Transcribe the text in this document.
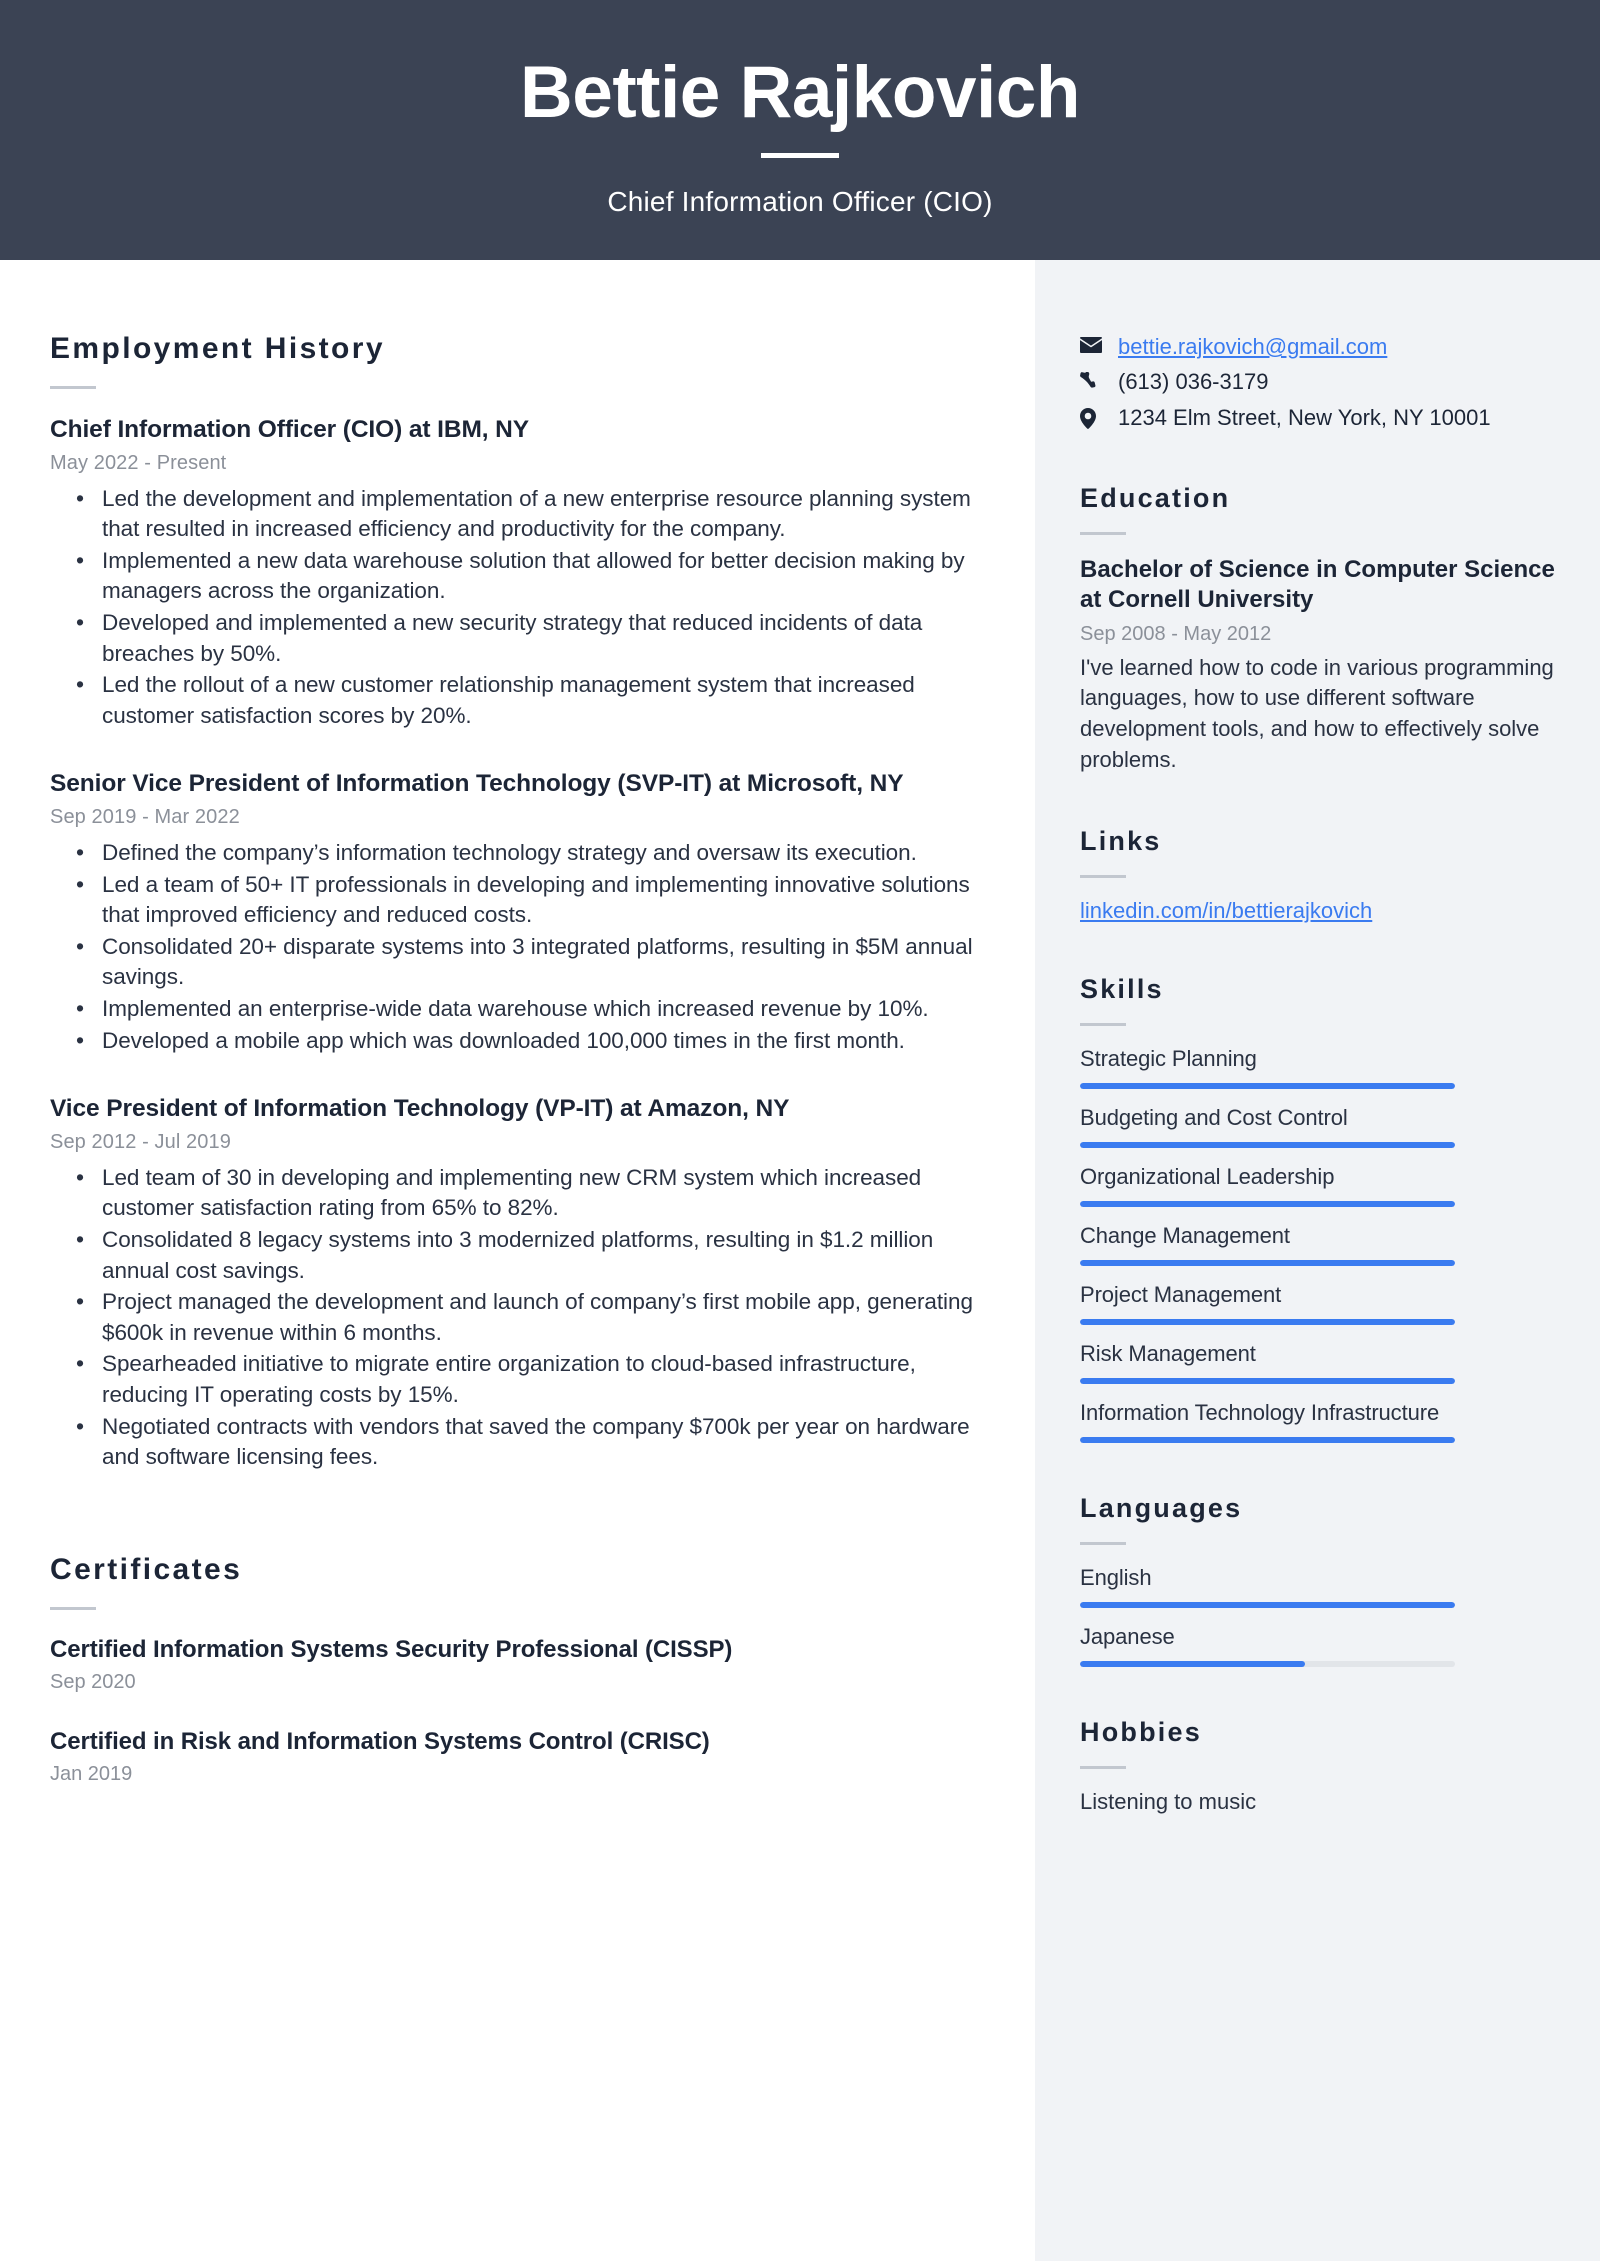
Bettie Rajkovich
Chief Information Officer (CIO)
Employment History
Chief Information Officer (CIO) at IBM, NY
May 2022 - Present
• Led the development and implementation of a new enterprise resource planning system that resulted in increased efficiency and productivity for the company.
• Implemented a new data warehouse solution that allowed for better decision making by managers across the organization.
• Developed and implemented a new security strategy that reduced incidents of data breaches by 50%.
• Led the rollout of a new customer relationship management system that increased customer satisfaction scores by 20%.
Senior Vice President of Information Technology (SVP-IT) at Microsoft, NY
Sep 2019 - Mar 2022
• Defined the company’s information technology strategy and oversaw its execution.
• Led a team of 50+ IT professionals in developing and implementing innovative solutions that improved efficiency and reduced costs.
• Consolidated 20+ disparate systems into 3 integrated platforms, resulting in $5M annual savings.
• Implemented an enterprise-wide data warehouse which increased revenue by 10%.
• Developed a mobile app which was downloaded 100,000 times in the first month.
Vice President of Information Technology (VP-IT) at Amazon, NY
Sep 2012 - Jul 2019
• Led team of 30 in developing and implementing new CRM system which increased customer satisfaction rating from 65% to 82%.
• Consolidated 8 legacy systems into 3 modernized platforms, resulting in $1.2 million annual cost savings.
• Project managed the development and launch of company’s first mobile app, generating $600k in revenue within 6 months.
• Spearheaded initiative to migrate entire organization to cloud-based infrastructure, reducing IT operating costs by 15%.
• Negotiated contracts with vendors that saved the company $700k per year on hardware and software licensing fees.
Certificates
Certified Information Systems Security Professional (CISSP)
Sep 2020
Certified in Risk and Information Systems Control (CRISC)
Jan 2019
bettie.rajkovich@gmail.com
(613) 036-3179
1234 Elm Street, New York, NY 10001
Education
Bachelor of Science in Computer Science at Cornell University
Sep 2008 - May 2012
I've learned how to code in various programming languages, how to use different software development tools, and how to effectively solve problems.
Links
linkedin.com/in/bettierajkovich
Skills
Strategic Planning
Budgeting and Cost Control
Organizational Leadership
Change Management
Project Management
Risk Management
Information Technology Infrastructure
Languages
English
Japanese
Hobbies
Listening to music
